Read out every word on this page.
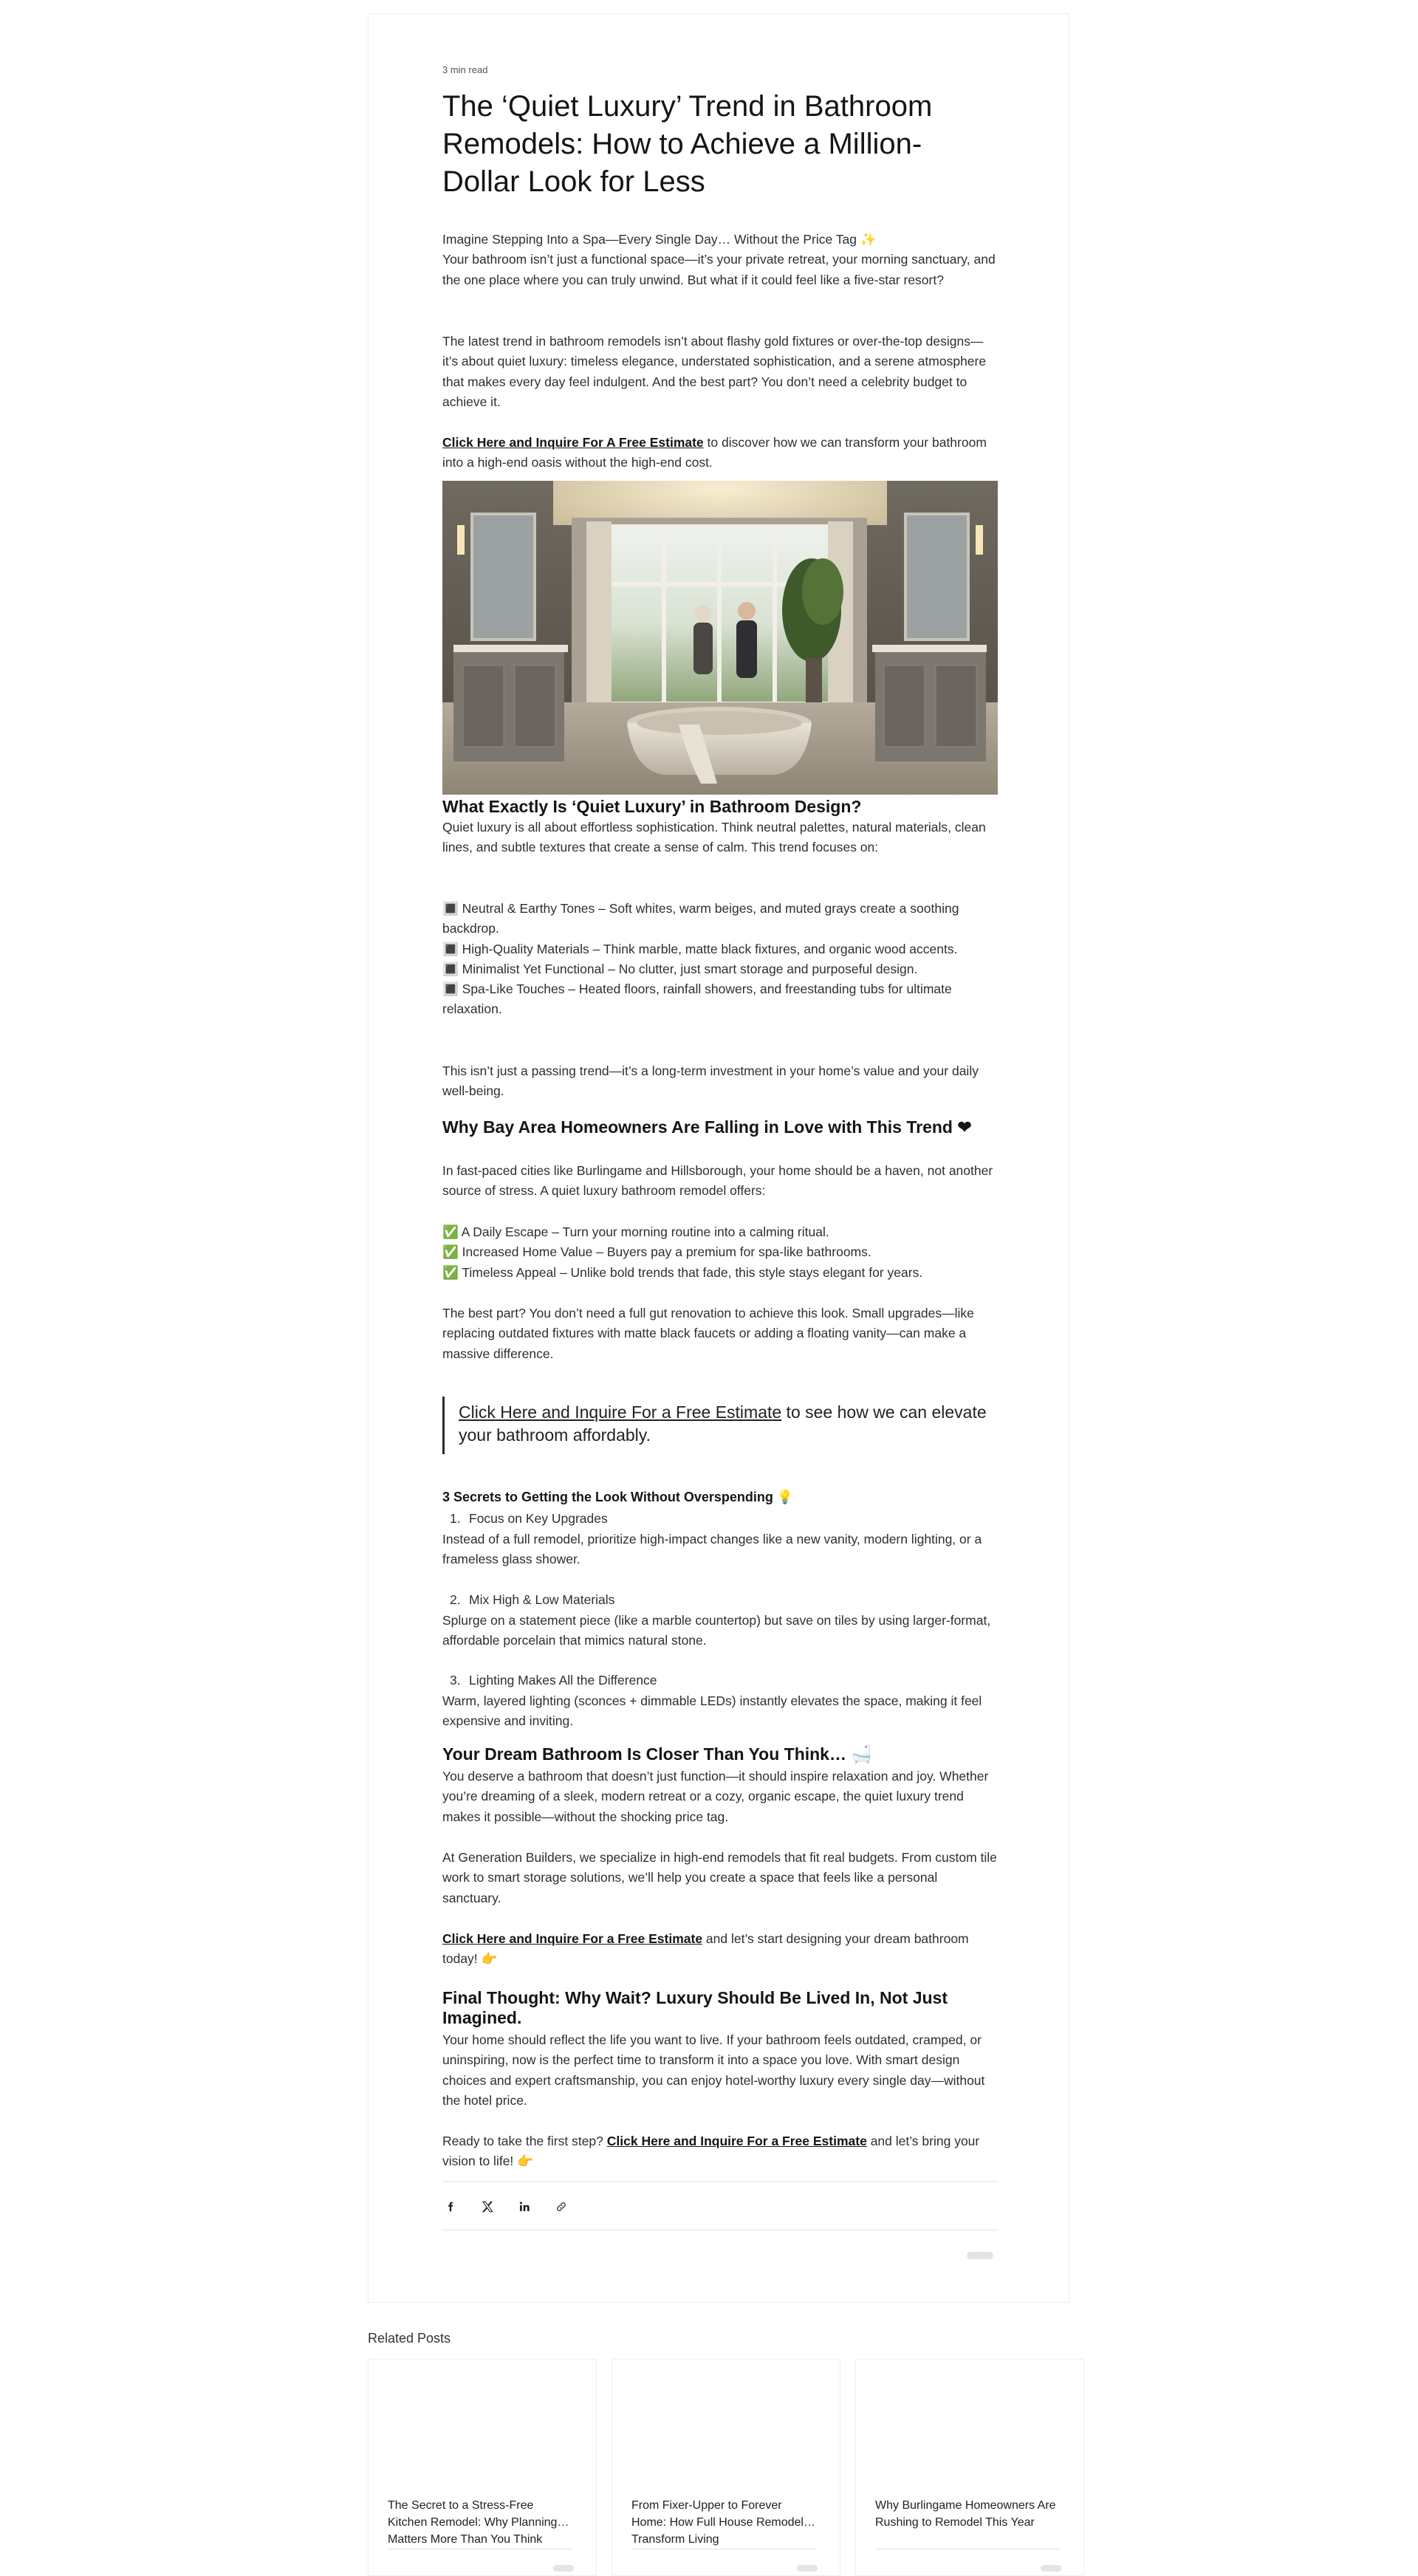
3 min read
The ‘Quiet Luxury’ Trend in Bathroom Remodels: How to Achieve a Million-Dollar Look for Less

Imagine Stepping Into a Spa—Every Single Day… Without the Price Tag ✨
Your bathroom isn’t just a functional space—it’s your private retreat, your morning sanctuary, and the one place where you can truly unwind. But what if it could feel like a five-star resort?

The latest trend in bathroom remodels isn’t about flashy gold fixtures or over-the-top designs—it’s about quiet luxury: timeless elegance, understated sophistication, and a serene atmosphere that makes every day feel indulgent. And the best part? You don’t need a celebrity budget to achieve it.

Click Here and Inquire For A Free Estimate to discover how we can transform your bathroom into a high-end oasis without the high-end cost.

What Exactly Is ‘Quiet Luxury’ in Bathroom Design?

Quiet luxury is all about effortless sophistication. Think neutral palettes, natural materials, clean lines, and subtle textures that create a sense of calm. This trend focuses on:

🔳 Neutral & Earthy Tones – Soft whites, warm beiges, and muted grays create a soothing backdrop.
🔳 High-Quality Materials – Think marble, matte black fixtures, and organic wood accents.
🔳 Minimalist Yet Functional – No clutter, just smart storage and purposeful design.
🔳 Spa-Like Touches – Heated floors, rainfall showers, and freestanding tubs for ultimate relaxation.

This isn’t just a passing trend—it’s a long-term investment in your home’s value and your daily well-being.

Why Bay Area Homeowners Are Falling in Love with This Trend ❤

In fast-paced cities like Burlingame and Hillsborough, your home should be a haven, not another source of stress. A quiet luxury bathroom remodel offers:

✅ A Daily Escape – Turn your morning routine into a calming ritual.
✅ Increased Home Value – Buyers pay a premium for spa-like bathrooms.
✅ Timeless Appeal – Unlike bold trends that fade, this style stays elegant for years.

The best part? You don’t need a full gut renovation to achieve this look. Small upgrades—like replacing outdated fixtures with matte black faucets or adding a floating vanity—can make a massive difference.

Click Here and Inquire For a Free Estimate to see how we can elevate your bathroom affordably.
3 Secrets to Getting the Look Without Overspending 💡
1. Focus on Key Upgrades

Instead of a full remodel, prioritize high-impact changes like a new vanity, modern lighting, or a frameless glass shower.

2. Mix High & Low Materials

Splurge on a statement piece (like a marble countertop) but save on tiles by using larger-format, affordable porcelain that mimics natural stone.

3. Lighting Makes All the Difference

Warm, layered lighting (sconces + dimmable LEDs) instantly elevates the space, making it feel expensive and inviting.

Your Dream Bathroom Is Closer Than You Think… 🛁

You deserve a bathroom that doesn’t just function—it should inspire relaxation and joy. Whether you’re dreaming of a sleek, modern retreat or a cozy, organic escape, the quiet luxury trend makes it possible—without the shocking price tag.

At Generation Builders, we specialize in high-end remodels that fit real budgets. From custom tile work to smart storage solutions, we’ll help you create a space that feels like a personal sanctuary.

Click Here and Inquire For a Free Estimate and let’s start designing your dream bathroom today! 👉

Final Thought: Why Wait? Luxury Should Be Lived In, Not Just Imagined.

Your home should reflect the life you want to live. If your bathroom feels outdated, cramped, or uninspiring, now is the perfect time to transform it into a space you love. With smart design choices and expert craftsmanship, you can enjoy hotel-worthy luxury every single day—without the hotel price.

Ready to take the first step? Click Here and Inquire For a Free Estimate and let’s bring your vision to life! 👉

Related Posts
The Secret to a Stress-Free Kitchen Remodel: Why Planning Matters More Than You Think
From Fixer-Upper to Forever Home: How Full House Remodels Transform Living
Why Burlingame Homeowners Are Rushing to Remodel This Year
